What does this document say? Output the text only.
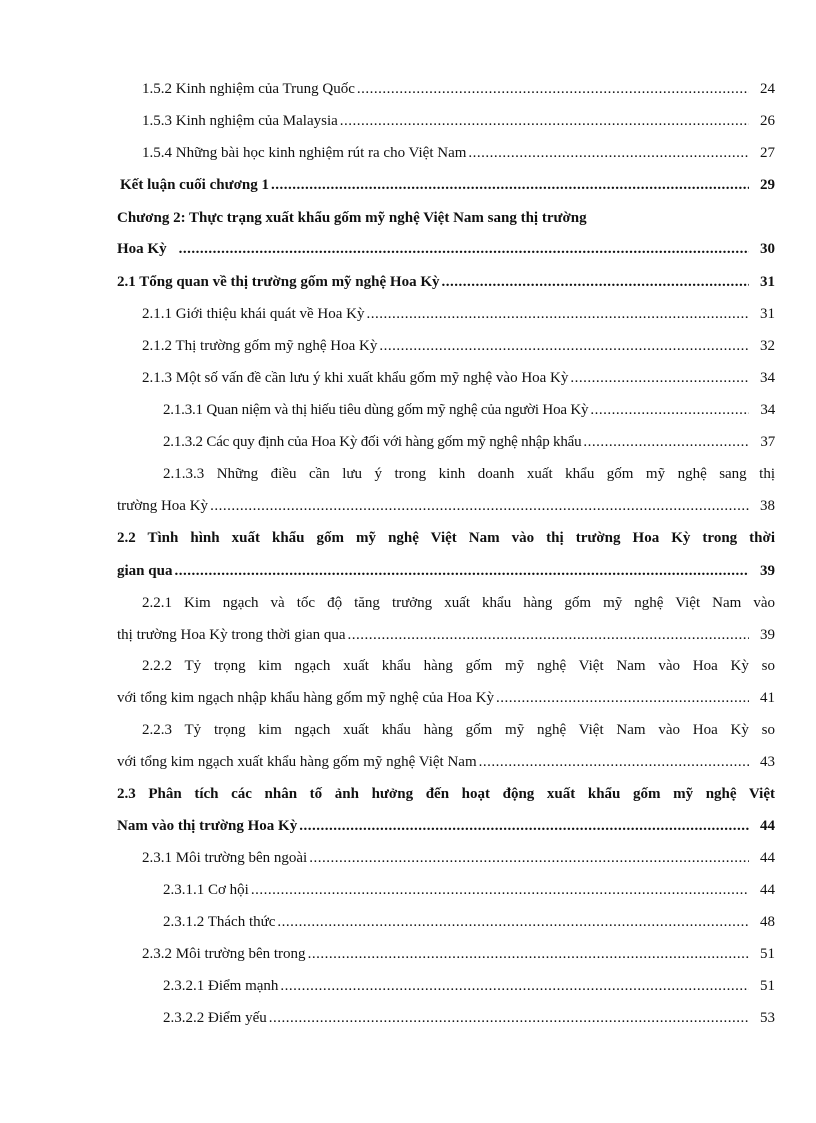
1.5.2 Kinh nghiệm của Trung Quốc .....	24
1.5.3 Kinh nghiệm của Malaysia .....	26
1.5.4 Những bài học kinh nghiệm rút ra cho Việt Nam .....	27
Kết luận cuối chương 1 .....	29
Chương 2: Thực trạng xuất khẩu gốm mỹ nghệ Việt Nam sang thị trường
Hoa Kỳ .....	30
2.1 Tổng quan về thị trường gốm mỹ nghệ Hoa Kỳ .....	31
2.1.1 Giới thiệu khái quát về Hoa Kỳ .....	31
2.1.2 Thị trường gốm mỹ nghệ Hoa Kỳ .....	32
2.1.3 Một số vấn đề cần lưu ý khi xuất khẩu gốm mỹ nghệ vào Hoa Kỳ .....	34
2.1.3.1 Quan niệm và thị hiếu tiêu dùng gốm mỹ nghệ của người Hoa Kỳ .....	34
2.1.3.2 Các quy định của Hoa Kỳ đối với hàng gốm mỹ nghệ nhập khẩu .....	37
2.1.3.3 Những điều cần lưu ý trong kinh doanh xuất khẩu gốm mỹ nghệ sang thị
trường Hoa Kỳ .....	38
2.2 Tình hình xuất khẩu gốm mỹ nghệ Việt Nam vào thị trường Hoa Kỳ trong thời
gian qua .....	39
2.2.1 Kim ngạch và tốc độ tăng trưởng xuất khẩu hàng gốm mỹ nghệ Việt Nam vào
thị trường Hoa Kỳ trong thời gian qua .....	39
2.2.2 Tỷ trọng kim ngạch xuất khẩu hàng gốm mỹ nghệ Việt Nam vào Hoa Kỳ so
với tổng kim ngạch nhập khẩu hàng gốm mỹ nghệ của Hoa Kỳ .....	41
2.2.3 Tỷ trọng kim ngạch xuất khẩu hàng gốm mỹ nghệ Việt Nam vào Hoa Kỳ so
với tổng kim ngạch xuất khẩu hàng gốm mỹ nghệ Việt Nam .....	43
2.3 Phân tích các nhân tố ảnh hưởng đến hoạt động xuất khẩu gốm mỹ nghệ Việt
Nam vào thị trường Hoa Kỳ .....	44
2.3.1 Môi trường bên ngoài .....	44
2.3.1.1 Cơ hội .....	44
2.3.1.2 Thách thức .....	48
2.3.2 Môi trường bên trong .....	51
2.3.2.1 Điểm mạnh .....	51
2.3.2.2 Điểm yếu .....	53
